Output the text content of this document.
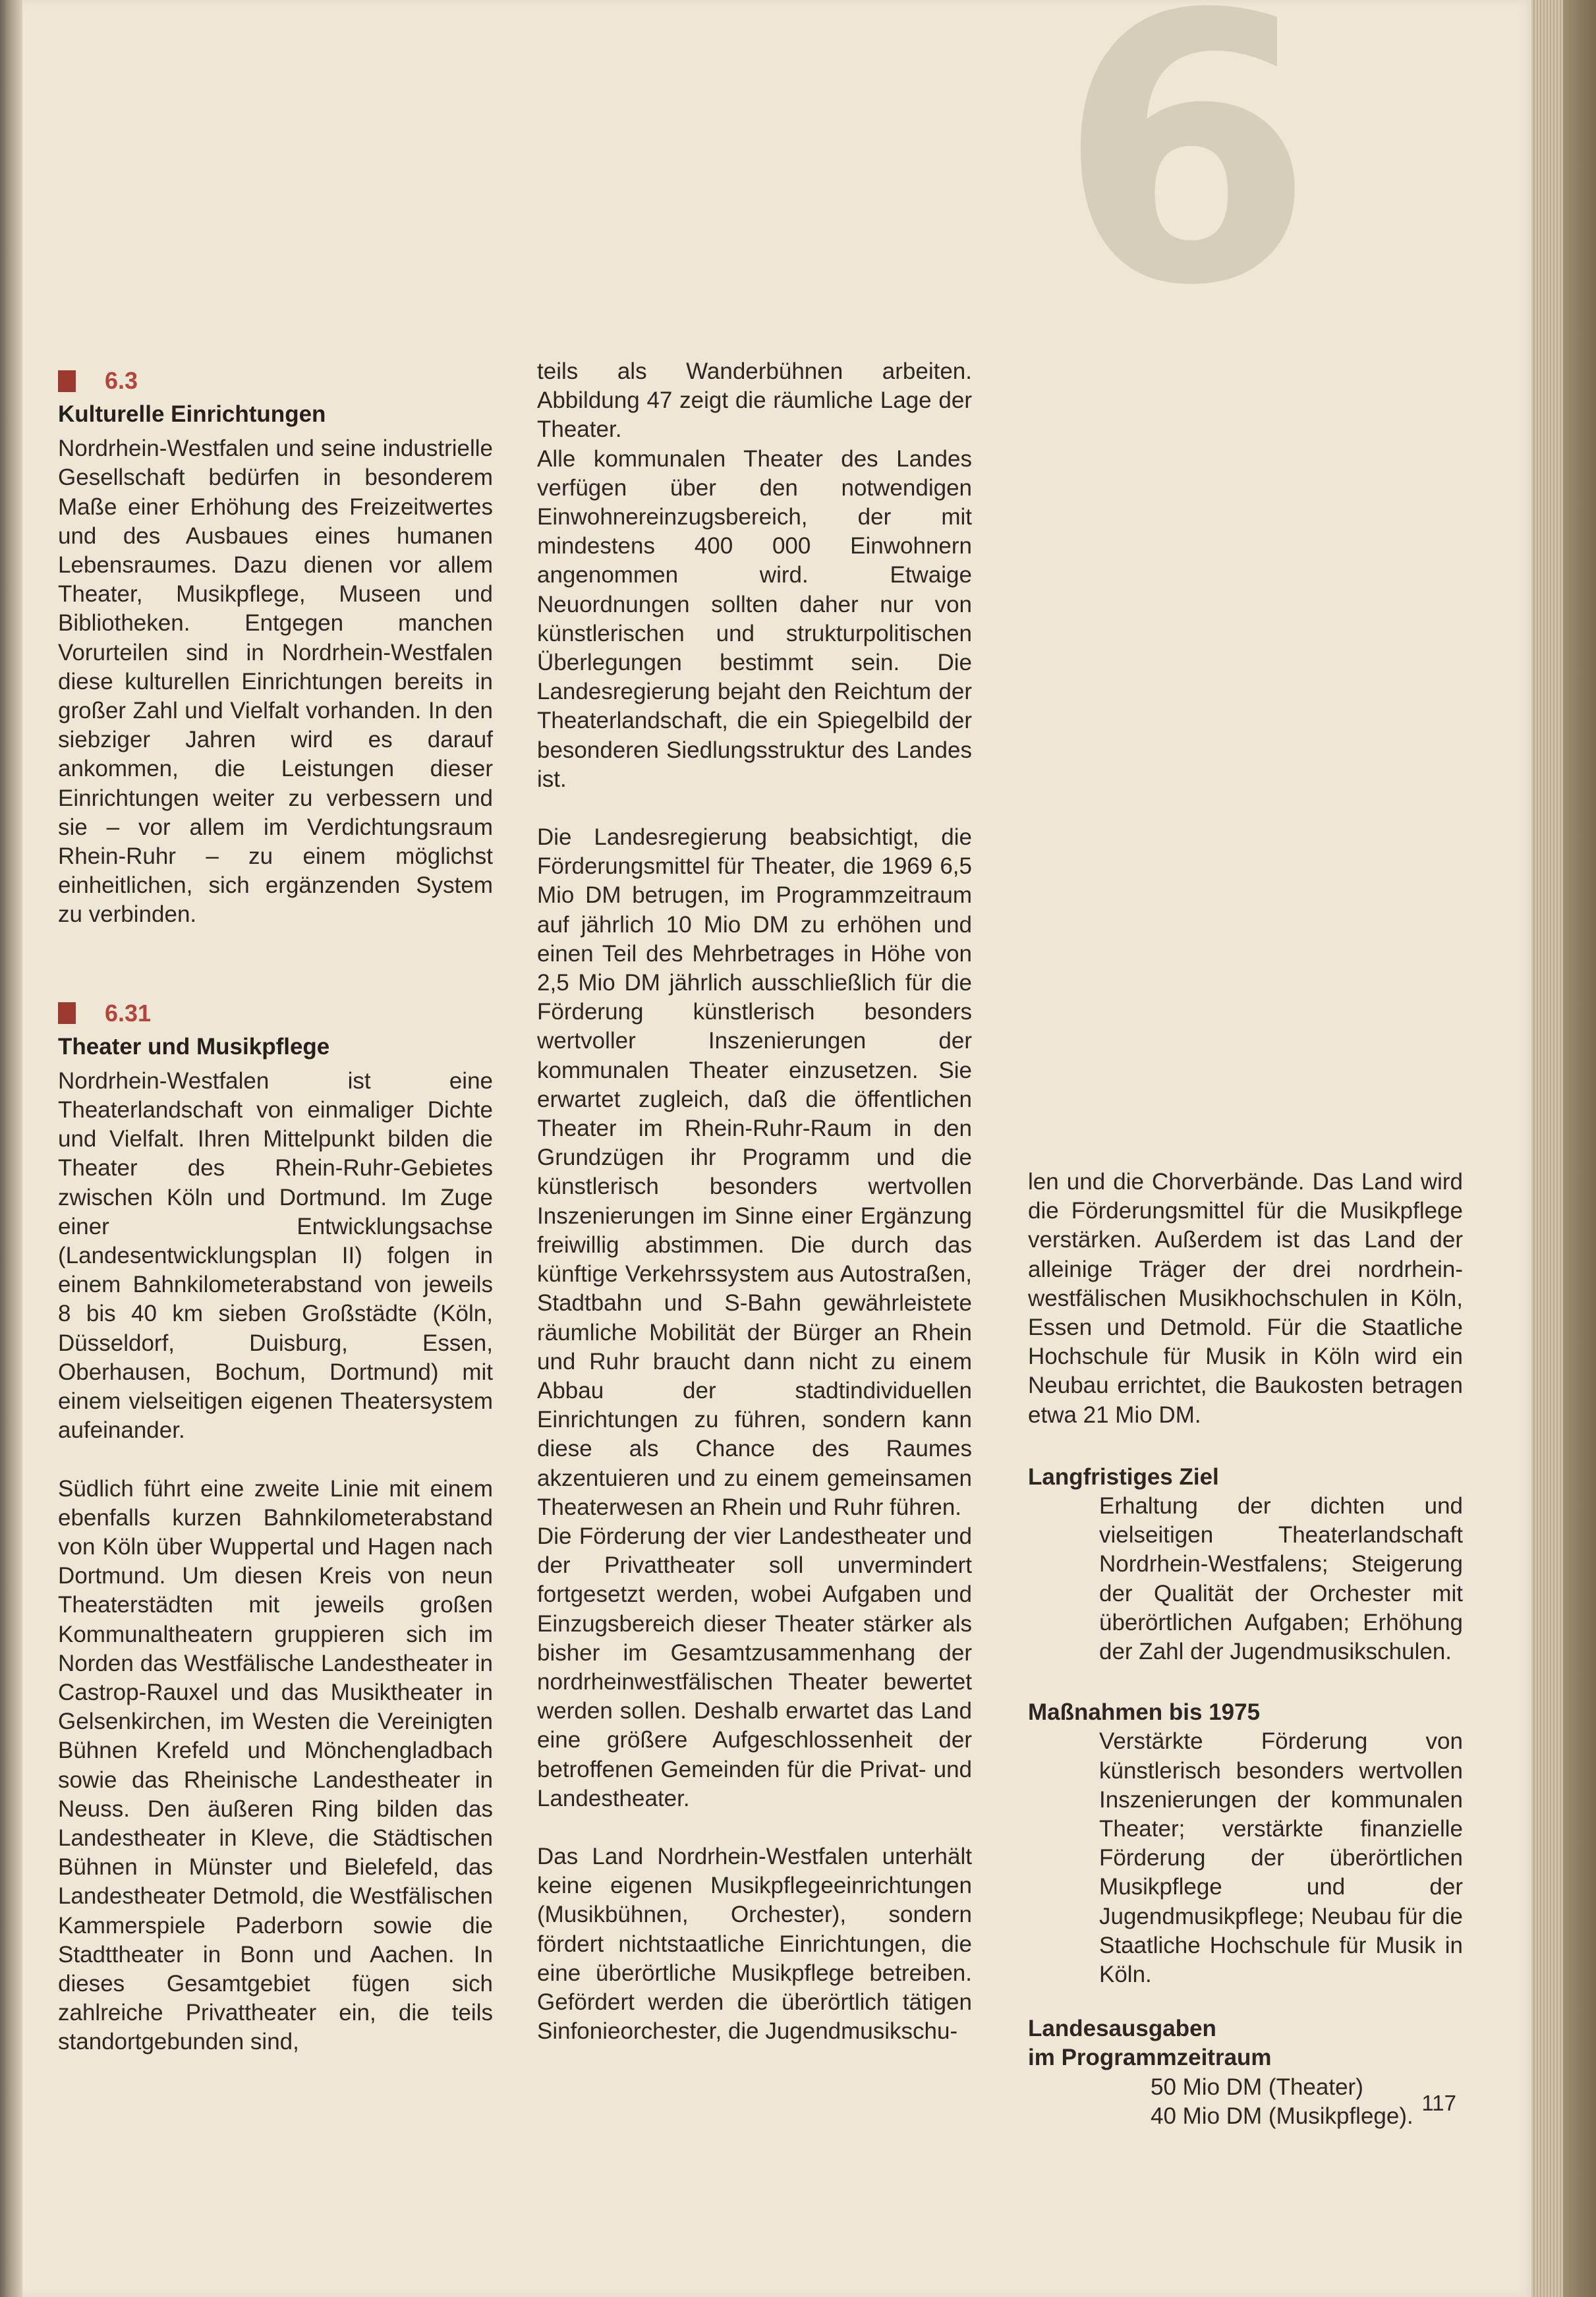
6
6.3
Kulturelle Einrichtungen

Nordrhein-Westfalen und seine industrielle Gesellschaft bedürfen in besonderem Maße einer Erhöhung des Freizeitwertes und des Ausbaues eines humanen Lebensraumes. Dazu dienen vor allem Theater, Musikpflege, Museen und Bibliotheken. Entgegen manchen Vorurteilen sind in Nordrhein-Westfalen diese kulturellen Einrichtungen bereits in großer Zahl und Vielfalt vorhanden. In den siebziger Jahren wird es darauf ankommen, die Leistungen dieser Einrichtungen weiter zu verbessern und sie – vor allem im Verdichtungsraum Rhein-Ruhr – zu einem möglichst einheitlichen, sich ergänzenden System zu verbinden.

6.31
Theater und Musikpflege

Nordrhein-Westfalen ist eine Theaterlandschaft von einmaliger Dichte und Vielfalt. Ihren Mittelpunkt bilden die Theater des Rhein-Ruhr-Gebietes zwischen Köln und Dortmund. Im Zuge einer Entwicklungsachse (Landesentwicklungsplan II) folgen in einem Bahnkilometerabstand von jeweils 8 bis 40 km sieben Großstädte (Köln, Düsseldorf, Duisburg, Essen, Oberhausen, Bochum, Dortmund) mit einem vielseitigen eigenen Theatersystem aufeinander.

Südlich führt eine zweite Linie mit einem ebenfalls kurzen Bahnkilometerabstand von Köln über Wuppertal und Hagen nach Dortmund. Um diesen Kreis von neun Theaterstädten mit jeweils großen Kommunaltheatern gruppieren sich im Norden das Westfälische Landestheater in Castrop-Rauxel und das Musiktheater in Gelsenkirchen, im Westen die Vereinigten Bühnen Krefeld und Mönchengladbach sowie das Rheinische Landestheater in Neuss. Den äußeren Ring bilden das Landestheater in Kleve, die Städtischen Bühnen in Münster und Bielefeld, das Landestheater Detmold, die Westfälischen Kammerspiele Paderborn sowie die Stadttheater in Bonn und Aachen. In dieses Gesamtgebiet fügen sich zahlreiche Privattheater ein, die teils standortgebunden sind,

teils als Wanderbühnen arbeiten. Abbildung 47 zeigt die räumliche Lage der Theater.

Alle kommunalen Theater des Landes verfügen über den notwendigen Einwohnereinzugsbereich, der mit mindestens 400 000 Einwohnern angenommen wird. Etwaige Neuordnungen sollten daher nur von künstlerischen und strukturpolitischen Überlegungen bestimmt sein. Die Landesregierung bejaht den Reichtum der Theaterlandschaft, die ein Spiegelbild der besonderen Siedlungsstruktur des Landes ist.

Die Landesregierung beabsichtigt, die Förderungsmittel für Theater, die 1969 6,5 Mio DM betrugen, im Programmzeitraum auf jährlich 10 Mio DM zu erhöhen und einen Teil des Mehrbetrages in Höhe von 2,5 Mio DM jährlich ausschließlich für die Förderung künstlerisch besonders wertvoller Inszenierungen der kommunalen Theater einzusetzen. Sie erwartet zugleich, daß die öffentlichen Theater im Rhein-Ruhr-Raum in den Grundzügen ihr Programm und die künstlerisch besonders wertvollen Inszenierungen im Sinne einer Ergänzung freiwillig abstimmen. Die durch das künftige Verkehrssystem aus Autostraßen, Stadtbahn und S-Bahn gewährleistete räumliche Mobilität der Bürger an Rhein und Ruhr braucht dann nicht zu einem Abbau der stadtindividuellen Einrichtungen zu führen, sondern kann diese als Chance des Raumes akzentuieren und zu einem gemeinsamen Theaterwesen an Rhein und Ruhr führen.

Die Förderung der vier Landestheater und der Privattheater soll unvermindert fortgesetzt werden, wobei Aufgaben und Einzugsbereich dieser Theater stärker als bisher im Gesamtzusammenhang der nordrheinwestfälischen Theater bewertet werden sollen. Deshalb erwartet das Land eine größere Aufgeschlossenheit der betroffenen Gemeinden für die Privat- und Landestheater.

Das Land Nordrhein-Westfalen unterhält keine eigenen Musikpflegeeinrichtungen (Musikbühnen, Orchester), sondern fördert nichtstaatliche Einrichtungen, die eine überörtliche Musikpflege betreiben. Gefördert werden die überörtlich tätigen Sinfonieorchester, die Jugendmusikschu-

len und die Chorverbände. Das Land wird die Förderungsmittel für die Musikpflege verstärken. Außerdem ist das Land der alleinige Träger der drei nordrhein-westfälischen Musikhochschulen in Köln, Essen und Detmold. Für die Staatliche Hochschule für Musik in Köln wird ein Neubau errichtet, die Baukosten betragen etwa 21 Mio DM.

Langfristiges Ziel
Erhaltung der dichten und vielseitigen Theaterlandschaft Nordrhein-Westfalens; Steigerung der Qualität der Orchester mit überörtlichen Aufgaben; Erhöhung der Zahl der Jugendmusikschulen.
Maßnahmen bis 1975
Verstärkte Förderung von künstlerisch besonders wertvollen Inszenierungen der kommunalen Theater; verstärkte finanzielle Förderung der überörtlichen Musikpflege und der Jugendmusikpflege; Neubau für die Staatliche Hochschule für Musik in Köln.
Landesausgaben
im Programmzeitraum
50 Mio DM (Theater)
40 Mio DM (Musikpflege).
117
